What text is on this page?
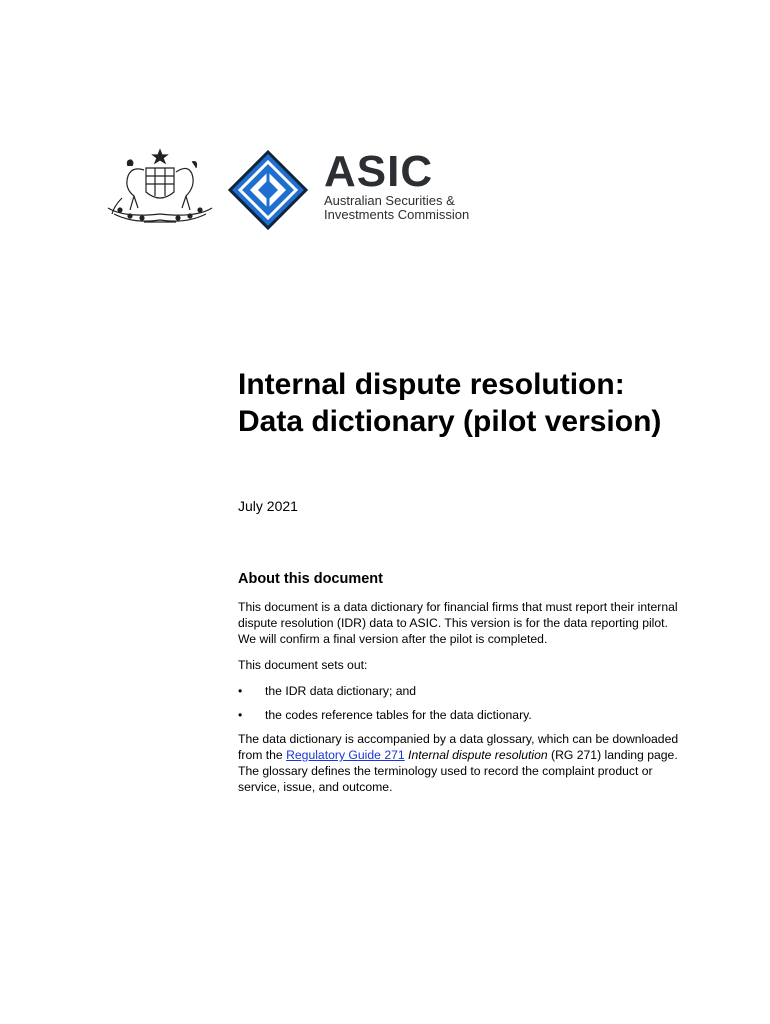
ASIC

Australian Securities &
Investments Commission

Internal dispute resolution:

Data dictionary (pilot version)

July 2021

About this document

This document is a data dictionary for financial firms that must report their internal dispute resolution (IDR) data to ASIC. This version is for the data reporting pilot. We will confirm a final version after the pilot is completed.

This document sets out:

• the IDR data dictionary; and
• the codes reference tables for the data dictionary.

The data dictionary is accompanied by a data glossary, which can be downloaded from the Regulatory Guide 271 Internal dispute resolution (RG 271) landing page. The glossary defines the terminology used to record the complaint product or service, issue, and outcome.
